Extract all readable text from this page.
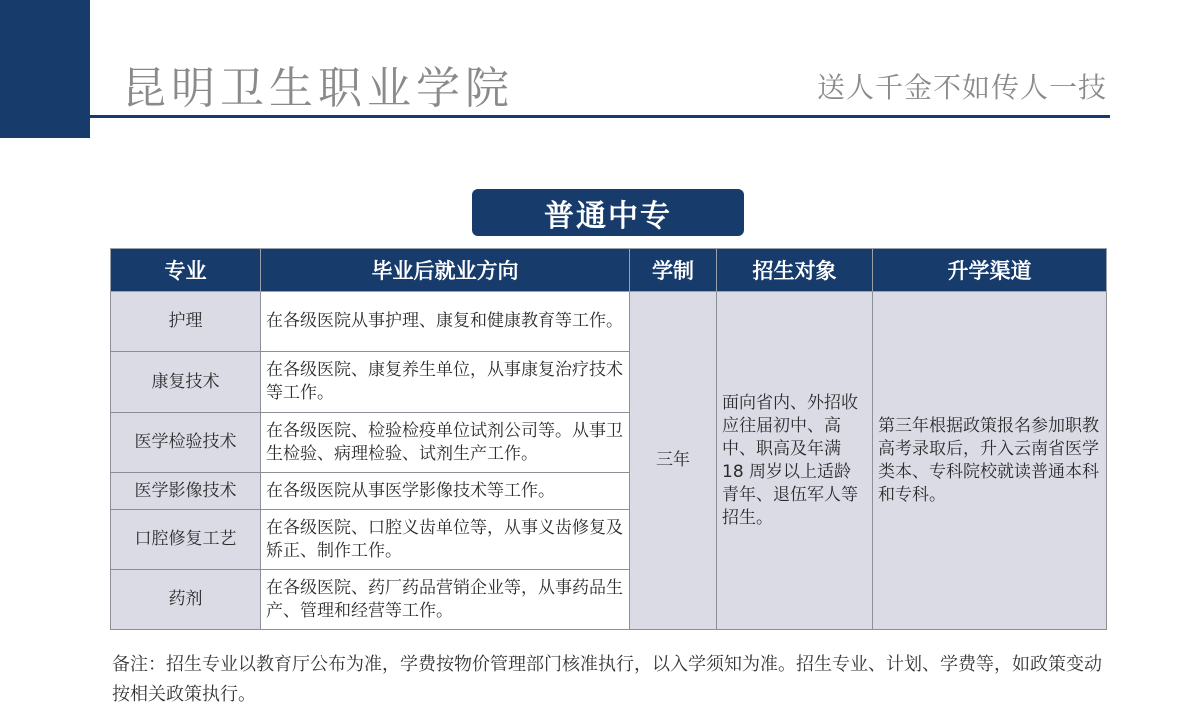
昆明卫生职业学院	送人千金不如传人一技
普通中专
专业	毕业后就业方向	学制	招生对象	升学渠道
护理	在各级医院从事护理、康复和健康教育等工作。	三年	面向省内、外招收应往届初中、高中、职高及年满 18 周岁以上适龄青年、退伍军人等招生。	第三年根据政策报名参加职教高考录取后，升入云南省医学类本、专科院校就读普通本科和专科。
康复技术	在各级医院、康复养生单位，从事康复治疗技术等工作。			
医学检验技术	在各级医院、检验检疫单位试剂公司等。从事卫生检验、病理检验、试剂生产工作。			
医学影像技术	在各级医院从事医学影像技术等工作。			
口腔修复工艺	在各级医院、口腔义齿单位等，从事义齿修复及矫正、制作工作。			
药剂	在各级医院、药厂药品营销企业等，从事药品生产、管理和经营等工作。			
备注：招生专业以教育厅公布为准，学费按物价管理部门核准执行，以入学须知为准。招生专业、计划、学费等，如政策变动按相关政策执行。
